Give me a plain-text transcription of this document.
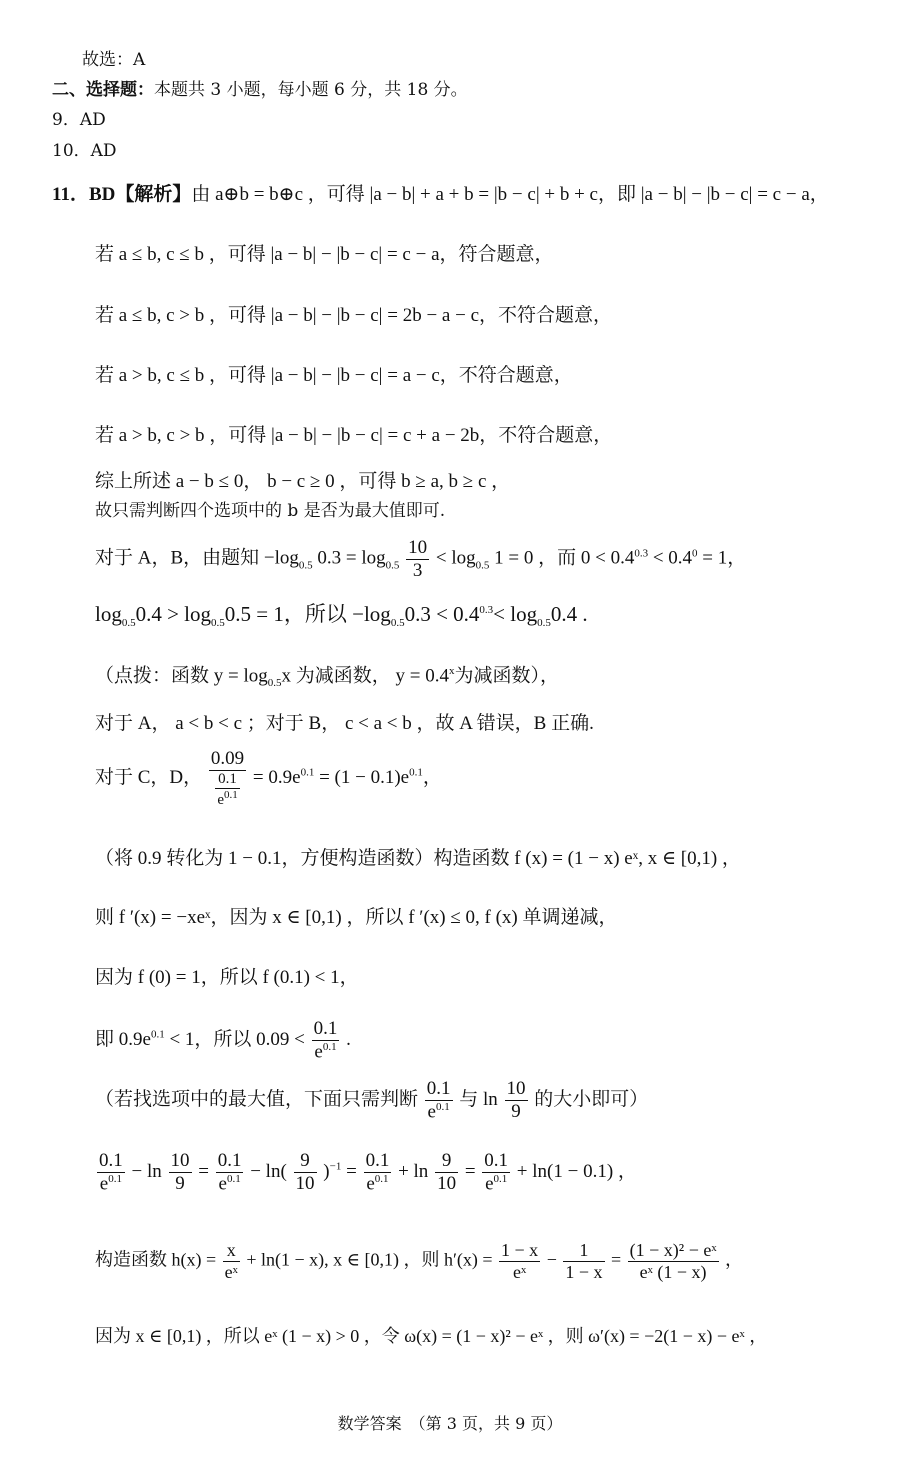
故选：A
二、选择题：本题共 3 小题，每小题 6 分，共 18 分。
9．AD
10．AD
11．BD【解析】由 a⊕b = b⊕c ，可得 |a − b| + a + b = |b − c| + b + c，即 |a − b| − |b − c| = c − a，
若 a ≤ b, c ≤ b ，可得 |a − b| − |b − c| = c − a，符合题意，
若 a ≤ b, c > b ，可得 |a − b| − |b − c| = 2b − a − c，不符合题意，
若 a > b, c ≤ b ，可得 |a − b| − |b − c| = a − c，不符合题意，
若 a > b, c > b ，可得 |a − b| − |b − c| = c + a − 2b，不符合题意，
综上所述 a − b ≤ 0， b − c ≥ 0 ，可得 b ≥ a, b ≥ c ，
故只需判断四个选项中的 b 是否为最大值即可.
对于 A，B，由题知 $-\log_{0.5}$ $0.3 = \log_{0.5} \frac{10}{3} < \log_{0.5} 1 = 0$ ，而 $0 < 0.4^{0.3} < 0.4^0 = 1$，
$\log_{0.5}0.4 > \log_{0.5}0.5 = 1$，所以 $-\log_{0.5}0.3 < 0.4^{0.3}< \log_{0.5}0.4$ .
（点拨：函数 $y = \log_{0.5}x$ 为减函数， $y = 0.4^x$为减函数），
对于 A， a < b < c ；对于 B， c < a < b ，故 A 错误，B 正确.
对于 C，D， $\frac{0.09}{\frac{0.1}{e^{0.1}}} = 0.9e^{0.1} = (1 - 0.1)e^{0.1}$，
（将 0.9 转化为 1 − 0.1，方便构造函数）构造函数 f (x) = (1 − x) eˣ, x ∈ [0,1) ，
则 f ′(x) = −xeˣ，因为 x ∈ [0,1) ，所以 f ′(x) ≤ 0, f (x) 单调递减，
因为 f (0) = 1，所以 f (0.1) < 1，
即 $0.9e^{0.1} < 1$，所以 $0.09 < \frac{0.1}{e^{0.1}}$ .
（若找选项中的最大值，下面只需判断 $\frac{0.1}{e^{0.1}}$ 与 $\ln \frac{10}{9}$ 的大小即可）
$\frac{0.1}{e^{0.1}} - \ln \frac{10}{9} = \frac{0.1}{e^{0.1}} - \ln( \frac{9}{10} )^{-1} = \frac{0.1}{e^{0.1}} + \ln \frac{9}{10} = \frac{0.1}{e^{0.1}} + \ln(1 - 0.1)$ ，
构造函数 $h(x) = \frac{x}{\text{eˣ}} + \ln(1 - x)$, x ∈ [0,1) ，则 $h'(x) = \frac{1 - x}{\text{eˣ}} - \frac{1}{1 - x} = \frac{\text{(1 − x)² − eˣ}}{\text{eˣ (1 − x)}}$ ，
因为 x ∈ [0,1) ，所以 eˣ (1 − x) > 0 ，令 ω(x) = (1 − x)² − eˣ ，则 ω′(x) = −2(1 − x) − eˣ ，
数学答案　（第 3 页，共 9 页）
